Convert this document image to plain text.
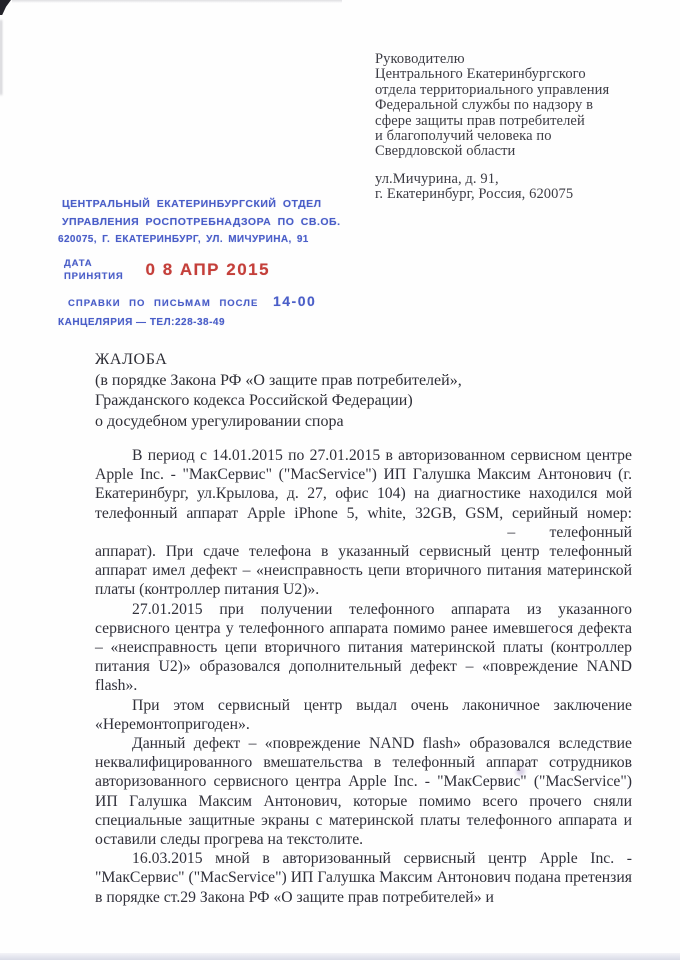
Руководителю
Центрального Екатеринбургского
отдела территориального управления
Федеральной службы по надзору в
сфере защиты прав потребителей
и благополучий человека по
Свердловской области
ул.Мичурина, д. 91,
г. Екатеринбург, Россия, 620075
ЦЕНТРАЛЬНЫЙ ЕКАТЕРИНБУРГСКИЙ ОТДЕЛ
УПРАВЛЕНИЯ РОСПОТРЕБНАДЗОРА ПО СВ.ОБ.
620075, Г. ЕКАТЕРИНБУРГ, УЛ. МИЧУРИНА, 91
ДАТА
ПРИНЯТИЯ 0 8 АПР 2015
СПРАВКИ ПО ПИСЬМАМ ПОСЛЕ 14-00
КАНЦЕЛЯРИЯ — ТЕЛ:228-38-49
ЖАЛОБА
(в порядке Закона РФ «О защите прав потребителей»,
Гражданского кодекса Российской Федерации)
о досудебном урегулировании спора

В период с 14.01.2015 по 27.01.2015 в авторизованном сервисном центре Apple Inc. - "МакСервис" ("MacService") ИП Галушка Максим Антонович (г. Екатеринбург, ул.Крылова, д. 27, офис 104) на диагностике находился мой телефонный аппарат Apple iPhone 5, white, 32GB, GSM, серийный номер:  – телефонный аппарат). При сдаче телефона в указанный сервисный центр телефонный аппарат имел дефект – «неисправность цепи вторичного питания материнской платы (контроллер питания U2)».

27.01.2015 при получении телефонного аппарата из указанного сервисного центра у телефонного аппарата помимо ранее имевшегося дефекта – «неисправность цепи вторичного питания материнской платы (контроллер питания U2)» образовался дополнительный дефект – «повреждение NAND flash».

При этом сервисный центр выдал очень лаконичное заключение «Неремонтопригоден».

Данный дефект – «повреждение NAND flash» образовался вследствие неквалифицированного вмешательства в телефонный аппарат сотрудников авторизованного сервисного центра Apple Inc. - "МакСервис" ("MacService") ИП Галушка Максим Антонович, которые помимо всего прочего сняли специальные защитные экраны с материнской платы телефонного аппарата и оставили следы прогрева на текстолите.

16.03.2015 мной в авторизованный сервисный центр Apple Inc. - "МакСервис" ("MacService") ИП Галушка Максим Антонович подана претензия в порядке ст.29 Закона РФ «О защите прав потребителей» и
